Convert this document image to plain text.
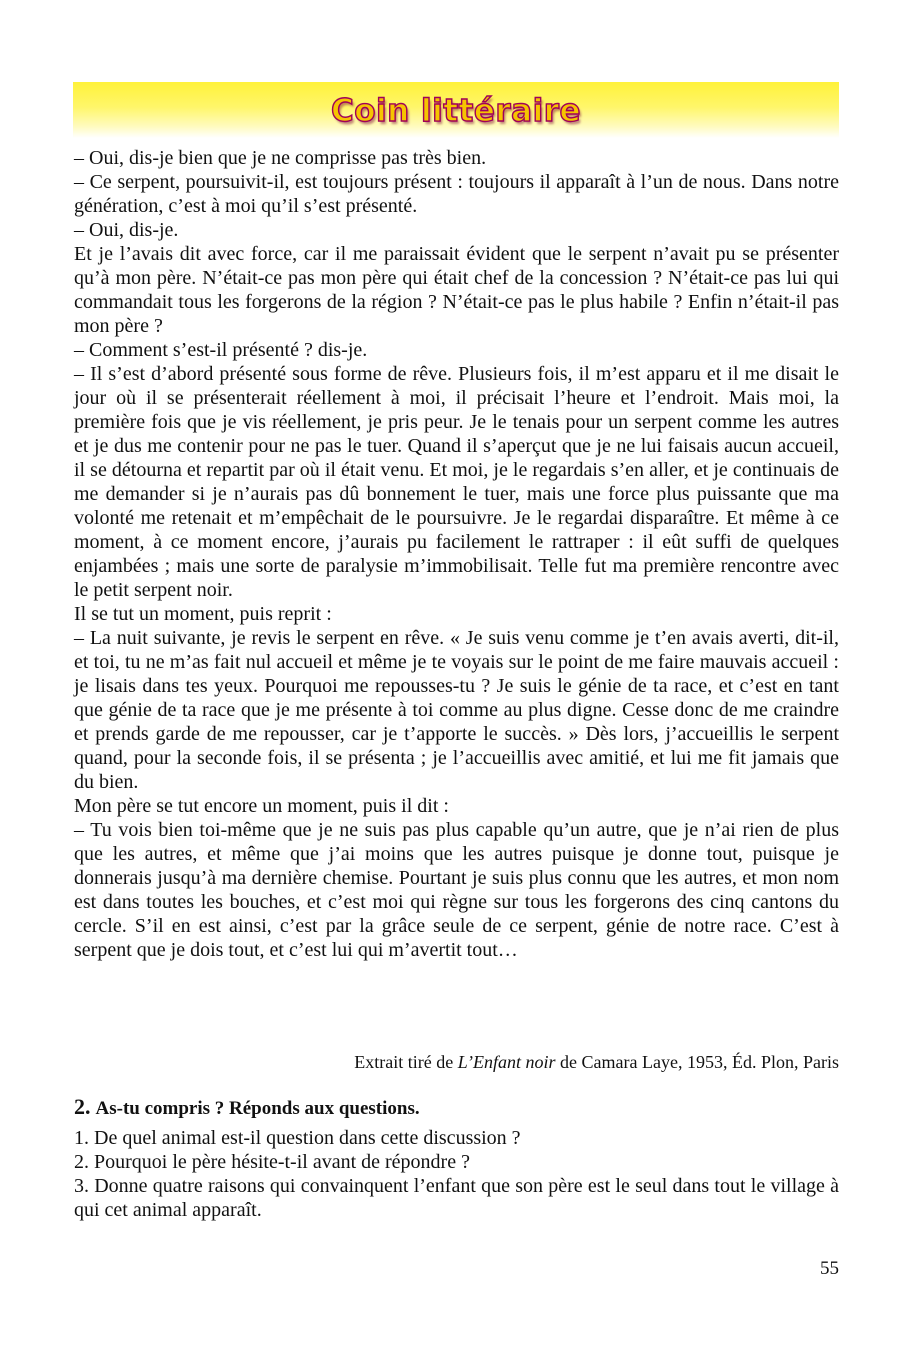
Coin littéraire

– Oui, dis-je bien que je ne comprisse pas très bien.

– Ce serpent, poursuivit-il, est toujours présent : toujours il apparaît à l’un de nous. Dans notre génération, c’est à moi qu’il s’est présenté.

– Oui, dis-je.

Et je l’avais dit avec force, car il me paraissait évident que le serpent n’avait pu se présenter qu’à mon père. N’était-ce pas mon père qui était chef de la concession ? N’était-ce pas lui qui commandait tous les forgerons de la région ? N’était-ce pas le plus habile ? Enfin n’était-il pas mon père ?

– Comment s’est-il présenté ? dis-je.

– Il s’est d’abord présenté sous forme de rêve. Plusieurs fois, il m’est apparu et il me disait le jour où il se présenterait réellement à moi, il précisait l’heure et l’endroit. Mais moi, la première fois que je vis réellement, je pris peur. Je le tenais pour un serpent comme les autres et je dus me contenir pour ne pas le tuer. Quand il s’aperçut que je ne lui faisais aucun accueil, il se détourna et repartit par où il était venu. Et moi, je le regardais s’en aller, et je continuais de me demander si je n’aurais pas dû bonnement le tuer, mais une force plus puissante que ma volonté me retenait et m’empêchait de le poursuivre. Je le regardai disparaître. Et même à ce moment, à ce moment encore, j’aurais pu facilement le rattraper : il eût suffi de quelques enjambées ; mais une sorte de paralysie m’immobilisait. Telle fut ma première rencontre avec le petit serpent noir.

Il se tut un moment, puis reprit :

– La nuit suivante, je revis le serpent en rêve. « Je suis venu comme je t’en avais averti, dit-il, et toi, tu ne m’as fait nul accueil et même je te voyais sur le point de me faire mauvais accueil : je lisais dans tes yeux. Pourquoi me repousses-tu ? Je suis le génie de ta race, et c’est en tant que génie de ta race que je me présente à toi comme au plus digne. Cesse donc de me craindre et prends garde de me repousser, car je t’apporte le succès. » Dès lors, j’accueillis le serpent quand, pour la seconde fois, il se présenta ; je l’accueillis avec amitié, et lui me fit jamais que du bien.

Mon père se tut encore un moment, puis il dit :

– Tu vois bien toi-même que je ne suis pas plus capable qu’un autre, que je n’ai rien de plus que les autres, et même que j’ai moins que les autres puisque je donne tout, puisque je donnerais jusqu’à ma dernière chemise. Pourtant je suis plus connu que les autres, et mon nom est dans toutes les bouches, et c’est moi qui règne sur tous les forgerons des cinq cantons du cercle. S’il en est ainsi, c’est par la grâce seule de ce serpent, génie de notre race. C’est à serpent que je dois tout, et c’est lui qui m’avertit tout…

Extrait tiré de L’Enfant noir de Camara Laye, 1953, Éd. Plon, Paris
2. As-tu compris ? Réponds aux questions.

1. De quel animal est-il question dans cette discussion ?

2. Pourquoi le père hésite-t-il avant de répondre ?

3. Donne quatre raisons qui convainquent l’enfant que son père est le seul dans tout le village à qui cet animal apparaît.

55
